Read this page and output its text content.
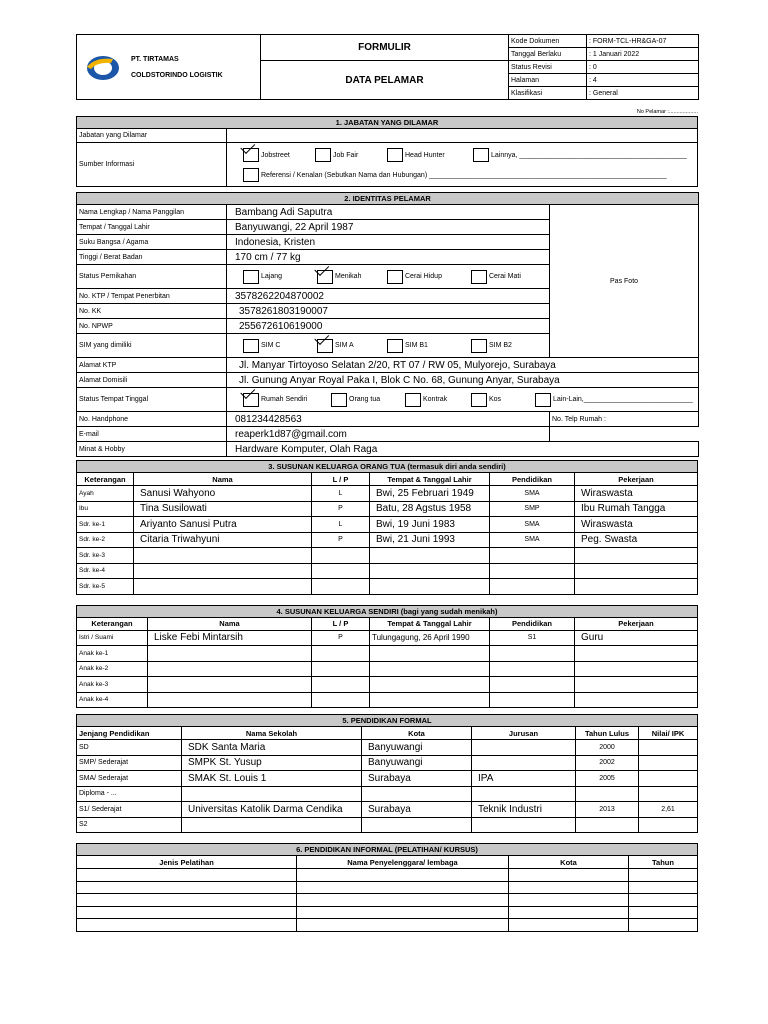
PT. TIRTAMAS
COLDSTORINDO LOGISTIK	FORMULIR	Kode Dokumen	: FORM-TCL-HR&GA-07
		Tanggal Berlaku	: 1 Januari 2022
	DATA PELAMAR	Status Revisi	: 0
		Halaman	: 4
		Klasifikasi	: General
No Pelamar :...................
1. JABATAN YANG DILAMAR	
Jabatan yang Dilamar	
Sumber Informasi	Jobstreet Job Fair Head Hunter Lainnya, ___________________________________________
Referensi / Kenalan (Sebutkan Nama dan Hubungan) _____________________________________________________________
2. IDENTITAS PELAMAR		
Nama Lengkap / Nama Panggilan	Bambang Adi Saputra	Pas Foto
Tempat / Tanggal Lahir	Banyuwangi, 22 April 1987	
Suku Bangsa / Agama	Indonesia, Kristen	
Tinggi / Berat Badan	170 cm / 77 kg	
Status Pernikahan	Lajang Menikah Cerai Hidup Cerai Mati	

No. KTP / Tempat Penerbitan	3578262204870002	
No. KK	3578261803190007	
No. NPWP	255672610619000	
SIM yang dimiliki	SIM C SIM A SIM B1 SIM B2	

Alamat KTP	Jl. Manyar Tirtoyoso Selatan 2/20, RT 07 / RW 05, Mulyorejo, Surabaya	
Alamat Domisili	Jl. Gunung Anyar Royal Paka I, Blok C No. 68, Gunung Anyar, Surabaya	
Status Tempat Tinggal	Rumah Sendiri Orang tua Kontrak Kos Lain-Lain,____________________________	

No. Handphone	081234428563	No. Telp Rumah :
E-mail	reaperk1d87@gmail.com	
Minat & Hobby	Hardware Komputer, Olah Raga	
3. SUSUNAN KELUARGA ORANG TUA (termasuk diri anda sendiri)					
Keterangan	Nama	L / P	Tempat & Tanggal Lahir	Pendidikan	Pekerjaan
Ayah	Sanusi Wahyono	L	Bwi, 25 Februari 1949	SMA	Wiraswasta
Ibu	Tina Susilowati	P	Batu, 28 Agstus 1958	SMP	Ibu Rumah Tangga
Sdr. ke-1	Ariyanto Sanusi Putra	L	Bwi, 19 Juni 1983	SMA	Wiraswasta
Sdr. ke-2	Citaria Triwahyuni	P	Bwi, 21 Juni 1993	SMA	Peg. Swasta
Sdr. ke-3					
Sdr. ke-4					
Sdr. ke-5					
4. SUSUNAN KELUARGA SENDIRI (bagi yang sudah menikah)					
Keterangan	Nama	L / P	Tempat & Tanggal Lahir	Pendidikan	Pekerjaan
Istri / Suami	Liske Febi Mintarsih	P	Tulungagung, 26 April 1990	S1	Guru
Anak ke-1					
Anak ke-2					
Anak ke-3					
Anak ke-4					
5. PENDIDIKAN FORMAL					
Jenjang Pendidikan	Nama Sekolah	Kota	Jurusan	Tahun Lulus	Nilai/ IPK
SD	SDK Santa Maria	Banyuwangi		2000	
SMP/ Sederajat	SMPK St. Yusup	Banyuwangi		2002	
SMA/ Sederajat	SMAK St. Louis 1	Surabaya	IPA	2005	
Diploma - ...					
S1/ Sederajat	Universitas Katolik Darma Cendika	Surabaya	Teknik Industri	2013	2,61
S2					
6. PENDIDIKAN INFORMAL (PELATIHAN/ KURSUS)			
Jenis Pelatihan	Nama Penyelenggara/ lembaga	Kota	Tahun
